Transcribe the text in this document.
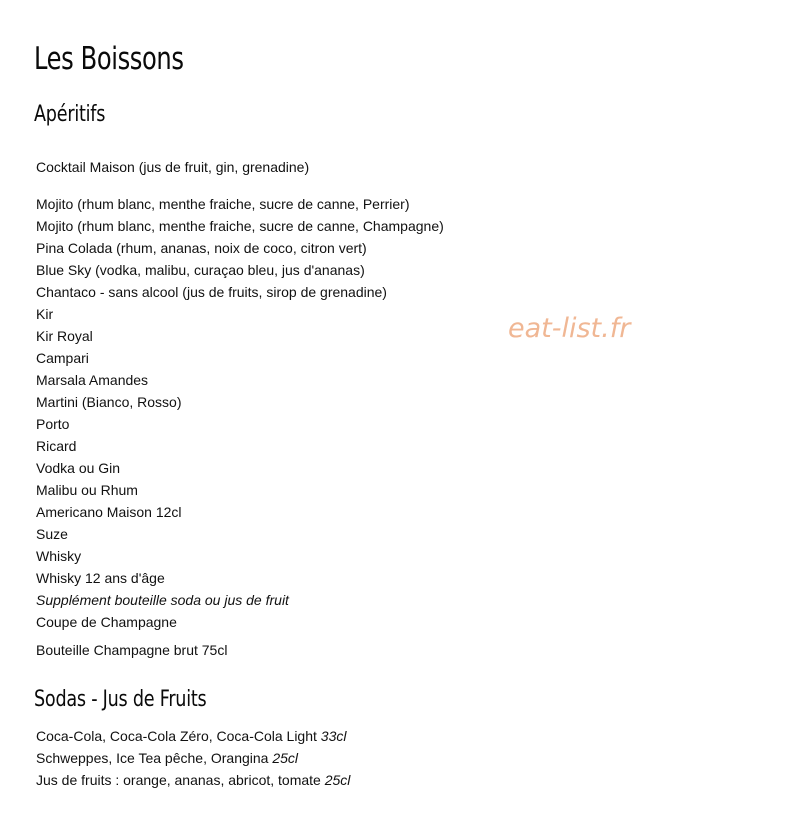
Les Boissons
Apéritifs

Cocktail Maison (jus de fruit, gin, grenadine)

Mojito (rhum blanc, menthe fraiche, sucre de canne, Perrier)

Mojito (rhum blanc, menthe fraiche, sucre de canne, Champagne)

Pina Colada (rhum, ananas, noix de coco, citron vert)

Blue Sky (vodka, malibu, curaçao bleu, jus d'ananas)

Chantaco - sans alcool (jus de fruits, sirop de grenadine)

Kir

Kir Royal

Campari

Marsala Amandes

Martini (Bianco, Rosso)

Porto

Ricard

Vodka ou Gin

Malibu ou Rhum

Americano Maison 12cl

Suze

Whisky

Whisky 12 ans d'âge

Supplément bouteille soda ou jus de fruit

Coupe de Champagne

Bouteille Champagne brut 75cl

Sodas - Jus de Fruits

Coca-Cola, Coca-Cola Zéro, Coca-Cola Light 33cl

Schweppes, Ice Tea pêche, Orangina 25cl

Jus de fruits : orange, ananas, abricot, tomate 25cl

eat-list.fr
